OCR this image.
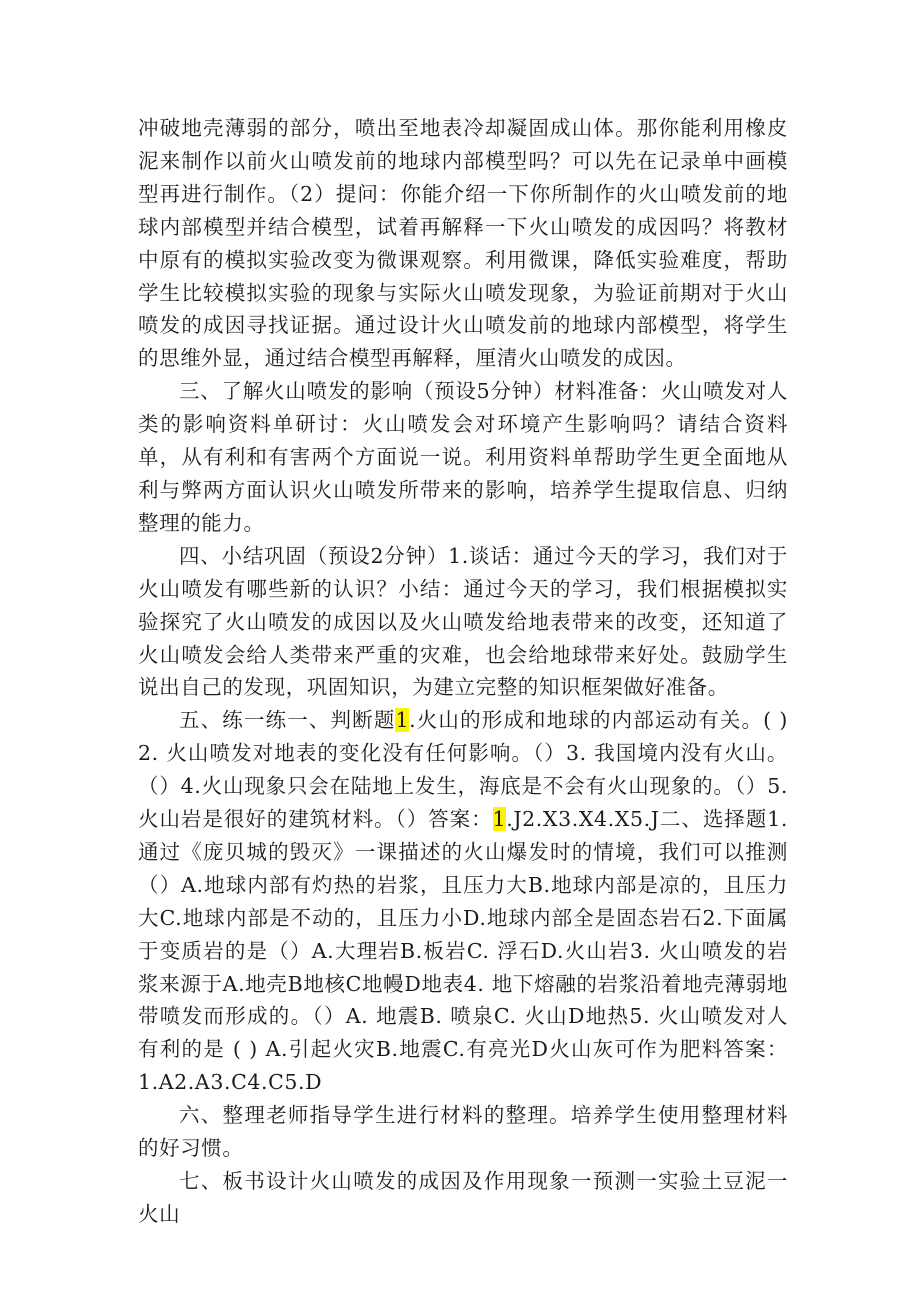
冲破地壳薄弱的部分，喷出至地表冷却凝固成山体。那你能利用橡皮泥来制作以前火山喷发前的地球内部模型吗？可以先在记录单中画模型再进行制作。（2）提问：你能介绍一下你所制作的火山喷发前的地球内部模型并结合模型，试着再解释一下火山喷发的成因吗？将教材中原有的模拟实验改变为微课观察。利用微课，降低实验难度，帮助学生比较模拟实验的现象与实际火山喷发现象，为验证前期对于火山喷发的成因寻找证据。通过设计火山喷发前的地球内部模型，将学生的思维外显，通过结合模型再解释，厘清火山喷发的成因。

三、了解火山喷发的影响（预设5分钟）材料准备：火山喷发对人类的影响资料单研讨：火山喷发会对环境产生影响吗？请结合资料单，从有利和有害两个方面说一说。利用资料单帮助学生更全面地从利与弊两方面认识火山喷发所带来的影响，培养学生提取信息、归纳整理的能力。

四、小结巩固（预设2分钟）1.谈话：通过今天的学习，我们对于火山喷发有哪些新的认识？小结：通过今天的学习，我们根据模拟实验探究了火山喷发的成因以及火山喷发给地表带来的改变，还知道了火山喷发会给人类带来严重的灾难，也会给地球带来好处。鼓励学生说出自己的发现，巩固知识，为建立完整的知识框架做好准备。

五、练一练一、判断题1.火山的形成和地球的内部运动有关。( ) 2. 火山喷发对地表的变化没有任何影响。（）3. 我国境内没有火山。（）4.火山现象只会在陆地上发生，海底是不会有火山现象的。（）5.火山岩是很好的建筑材料。（）答案：1.J2.X3.X4.X5.J二、选择题1.通过《庞贝城的毁灭》一课描述的火山爆发时的情境，我们可以推测（）A.地球内部有灼热的岩浆，且压力大B.地球内部是凉的，且压力大C.地球内部是不动的，且压力小D.地球内部全是固态岩石2.下面属于变质岩的是（）A.大理岩B.板岩C. 浮石D.火山岩3. 火山喷发的岩浆来源于A.地壳B地核C地幔D地表4. 地下熔融的岩浆沿着地壳薄弱地带喷发而形成的。（）A. 地震B. 喷泉C. 火山D地热5. 火山喷发对人有利的是 ( ) A.引起火灾B.地震C.有亮光D火山灰可作为肥料答案：1.A2.A3.C4.C5.D

六、整理老师指导学生进行材料的整理。培养学生使用整理材料的好习惯。

七、板书设计火山喷发的成因及作用现象一预测一实验土豆泥一火山
